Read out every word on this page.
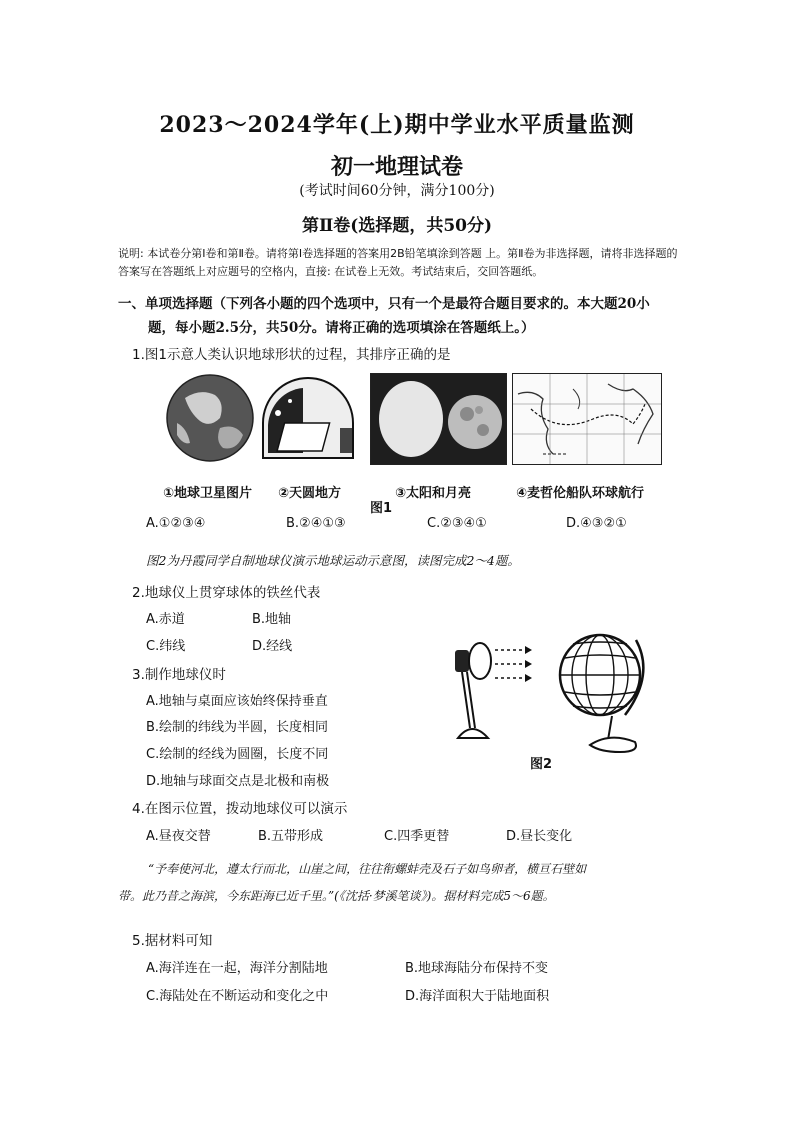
2023～2024学年(上)期中学业水平质量监测
初一地理试卷
(考试时间60分钟，满分100分)
第Ⅱ卷(选择题，共50分)
说明: 本试卷分第Ⅰ卷和第Ⅱ卷。请将第Ⅰ卷选择题的答案用2B铅笔填涂到答题 上。第Ⅱ卷为非选择题，请将非选择题的答案写在答题纸上对应题号的空格内，直接: 在试卷上无效。考试结束后，交回答题纸。
一、单项选择题（下列各小题的四个选项中，只有一个是最符合题目要求的。本大题20小
题，每小题2.5分，共50分。请将正确的选项填涂在答题纸上。）
1.图1示意人类认识地球形状的过程，其排序正确的是
①地球卫星图片 ②天圆地方	③太阳和月亮	④麦哲伦船队环球航行
图1
A.①②③④	B.②④①③	C.②③④①	D.④③②①
图2为丹霞同学自制地球仪演示地球运动示意图，读图完成2～4题。
2.地球仪上贯穿球体的铁丝代表
A.赤道	B.地轴
C.纬线	D.经线
3.制作地球仪时
A.地轴与桌面应该始终保持垂直
B.绘制的纬线为半圆，长度相同
C.绘制的经线为圆圈，长度不同
D.地轴与球面交点是北极和南极
图2
4.在图示位置，拨动地球仪可以演示
A.昼夜交替	B.五带形成	C.四季更替	D.昼长变化
“予奉使河北，遵太行而北，山崖之间，往往衔螺蚌壳及石子如鸟卵者，横亘石壁如
带。此乃昔之海滨，今东距海已近千里。”(《沈括·梦溪笔谈》)。据材料完成5～6题。
5.据材料可知
A.海洋连在一起，海洋分割陆地	B.地球海陆分布保持不变
C.海陆处在不断运动和变化之中	D.海洋面积大于陆地面积
